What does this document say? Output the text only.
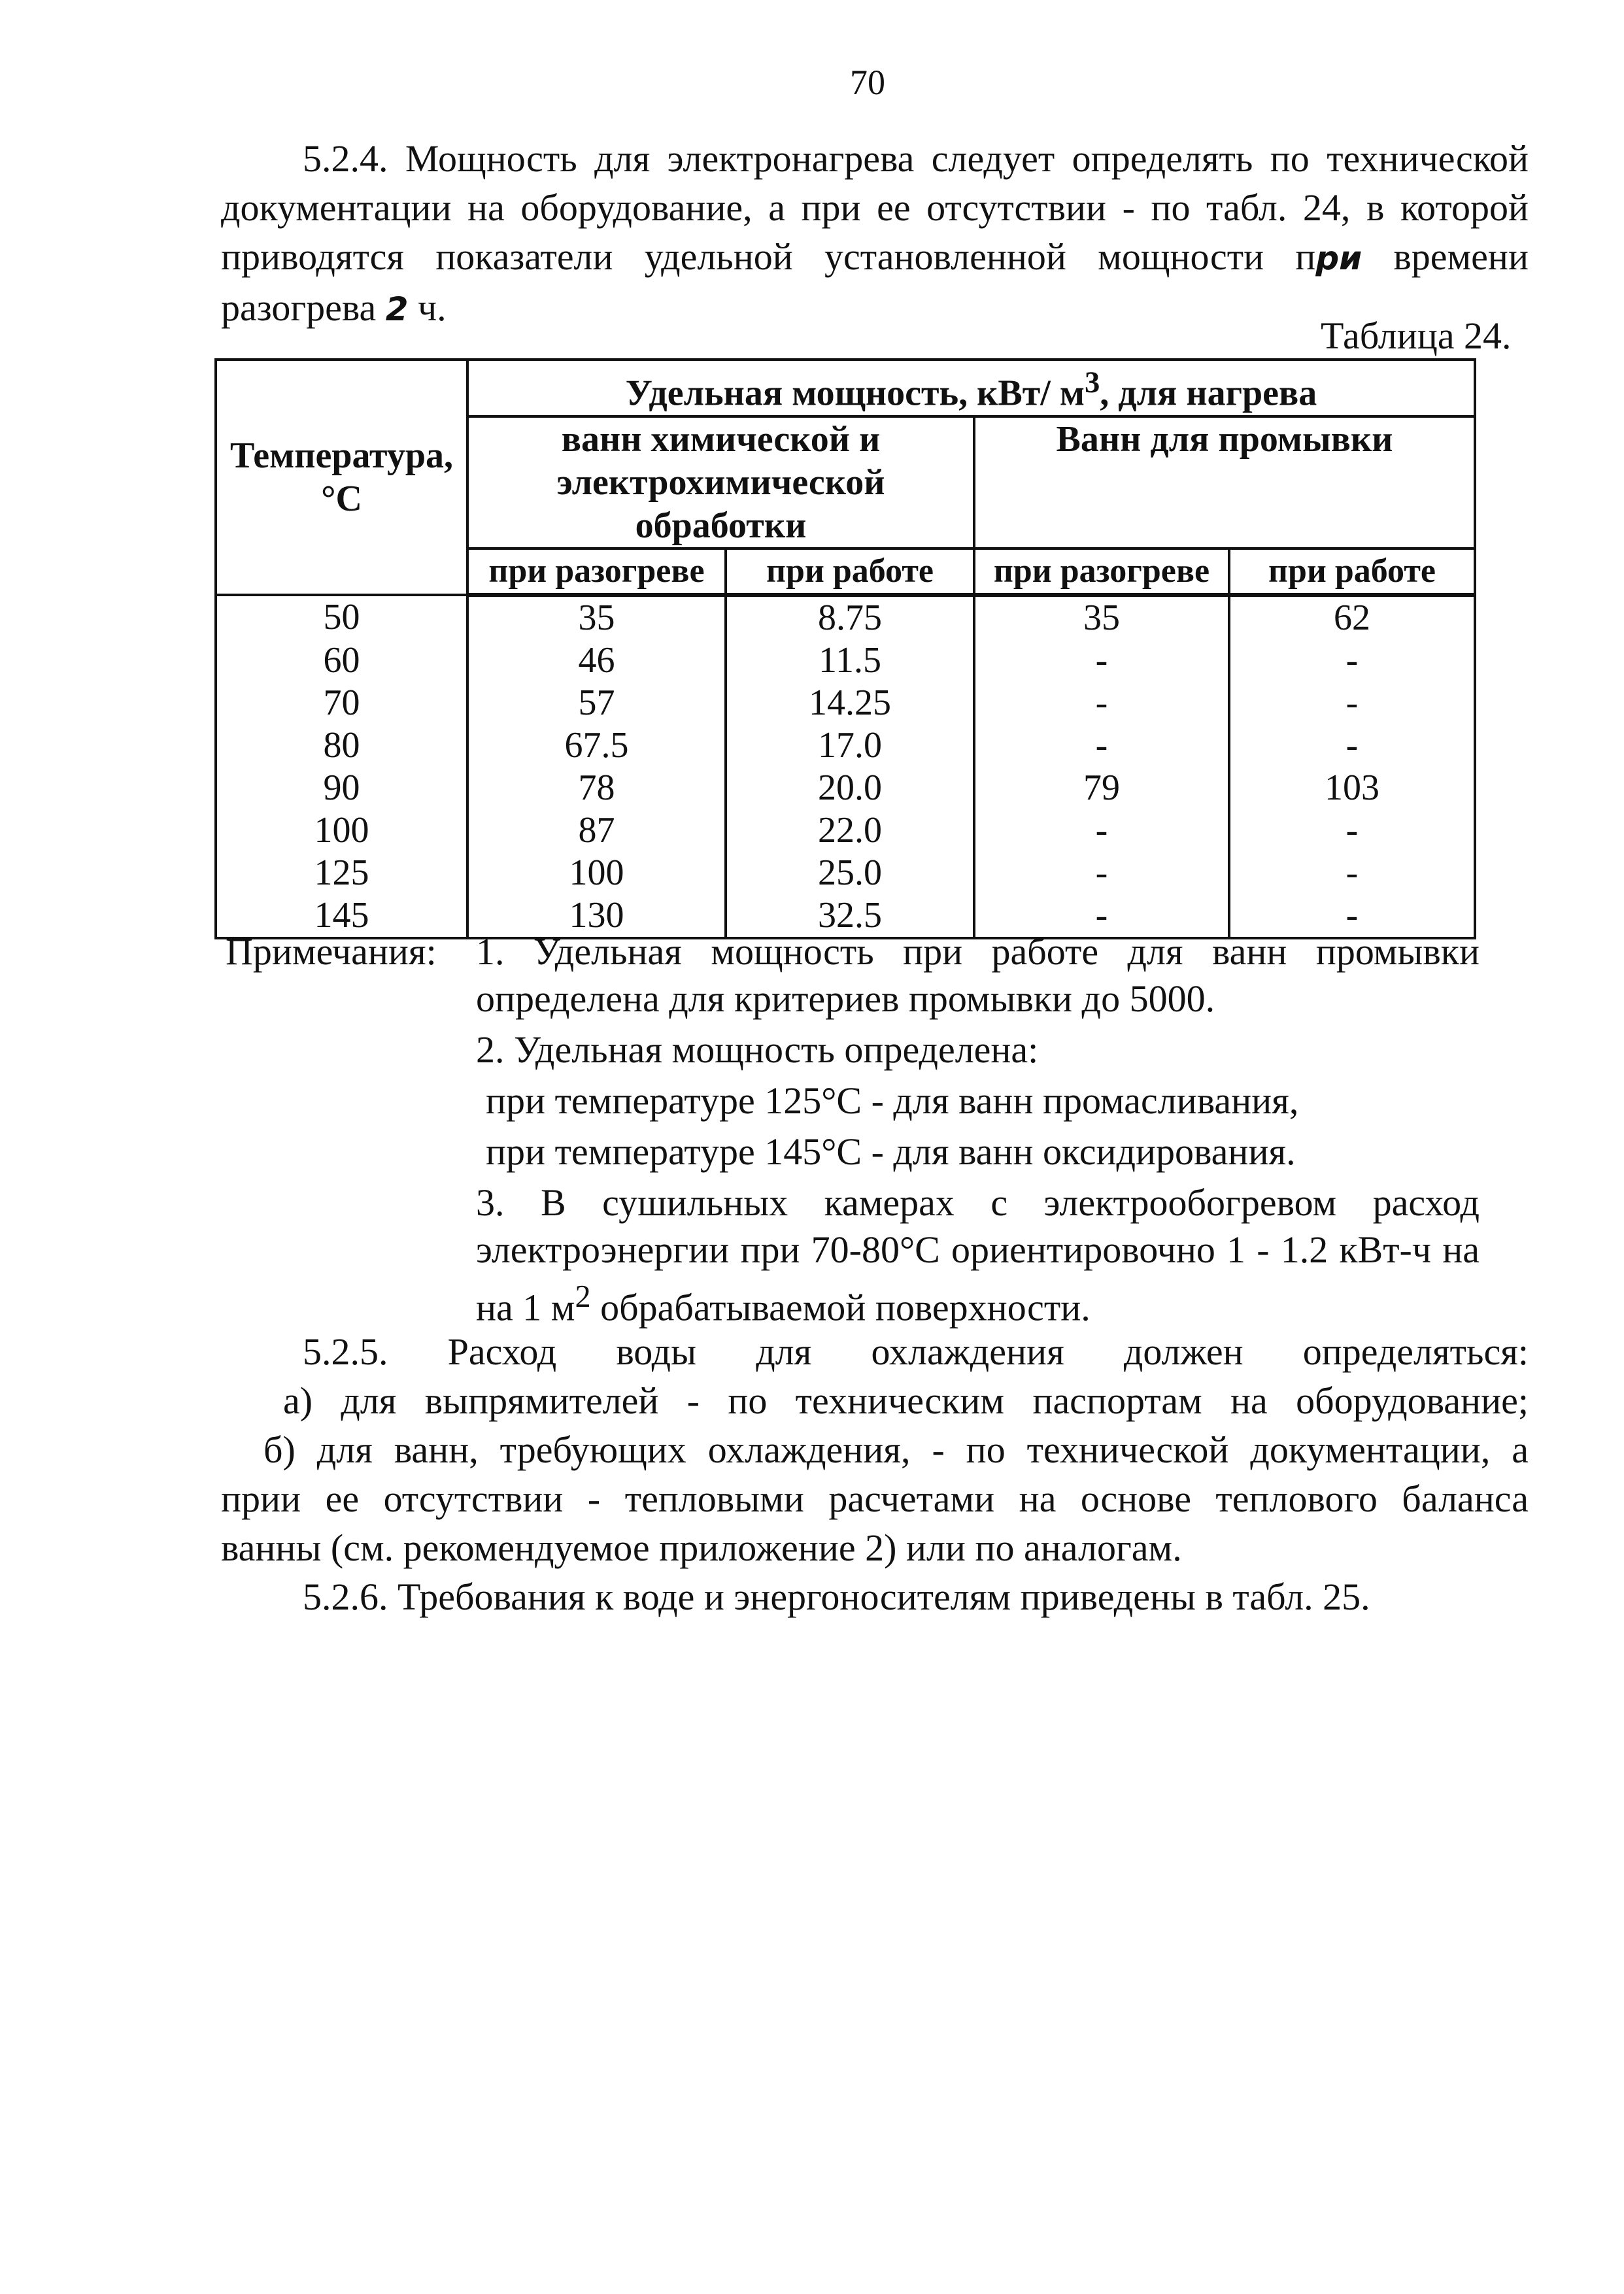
70

5.2.4. Мощность для электронагрева следует определять по технической документации на оборудование, а при ее отсутствии - по табл. 24, в которой приводятся показатели удельной установленной мощности при времени разогрева 2 ч.

Таблица 24.
Температура, °C	Удельная мощность, кВт/ $м^3$, для нагрева			
	ванн химической и электрохимической обработки		Ванн для промывки	
	при разогреве	при работе	при разогреве	при работе
50	35	8.75	35	62
60	46	11.5	-	-
70	57	14.25	-	-
80	67.5	17.0	-	-
90	78	20.0	79	103
100	87	22.0	-	-
125	100	25.0	-	-
145	130	32.5	-	-
Примечания: 1. Удельная мощность при работе для ванн промывки определена для критериев промывки до 5000.

2. Удельная мощность определена:

при температуре 125°С - для ванн промасливания,

при температуре 145°С - для ванн оксидирования.

3. В сушильных камерах с электрообогревом расход электроэнергии при 70-80°С ориентировочно 1 - 1.2 кВт-ч на на 1 $м^2$ обрабатываемой поверхности.

5.2.5. Расход воды для охлаждения должен определяться:
а) для выпрямителей - по техническим паспортам на оборудование;
б) для ванн, требующих охлаждения, - по технической документации, а
прии ее отсутствии - тепловыми расчетами на основе теплового баланса
ванны (см. рекомендуемое приложение 2) или по аналогам.

5.2.6. Требования к воде и энергоносителям приведены в табл. 25.
